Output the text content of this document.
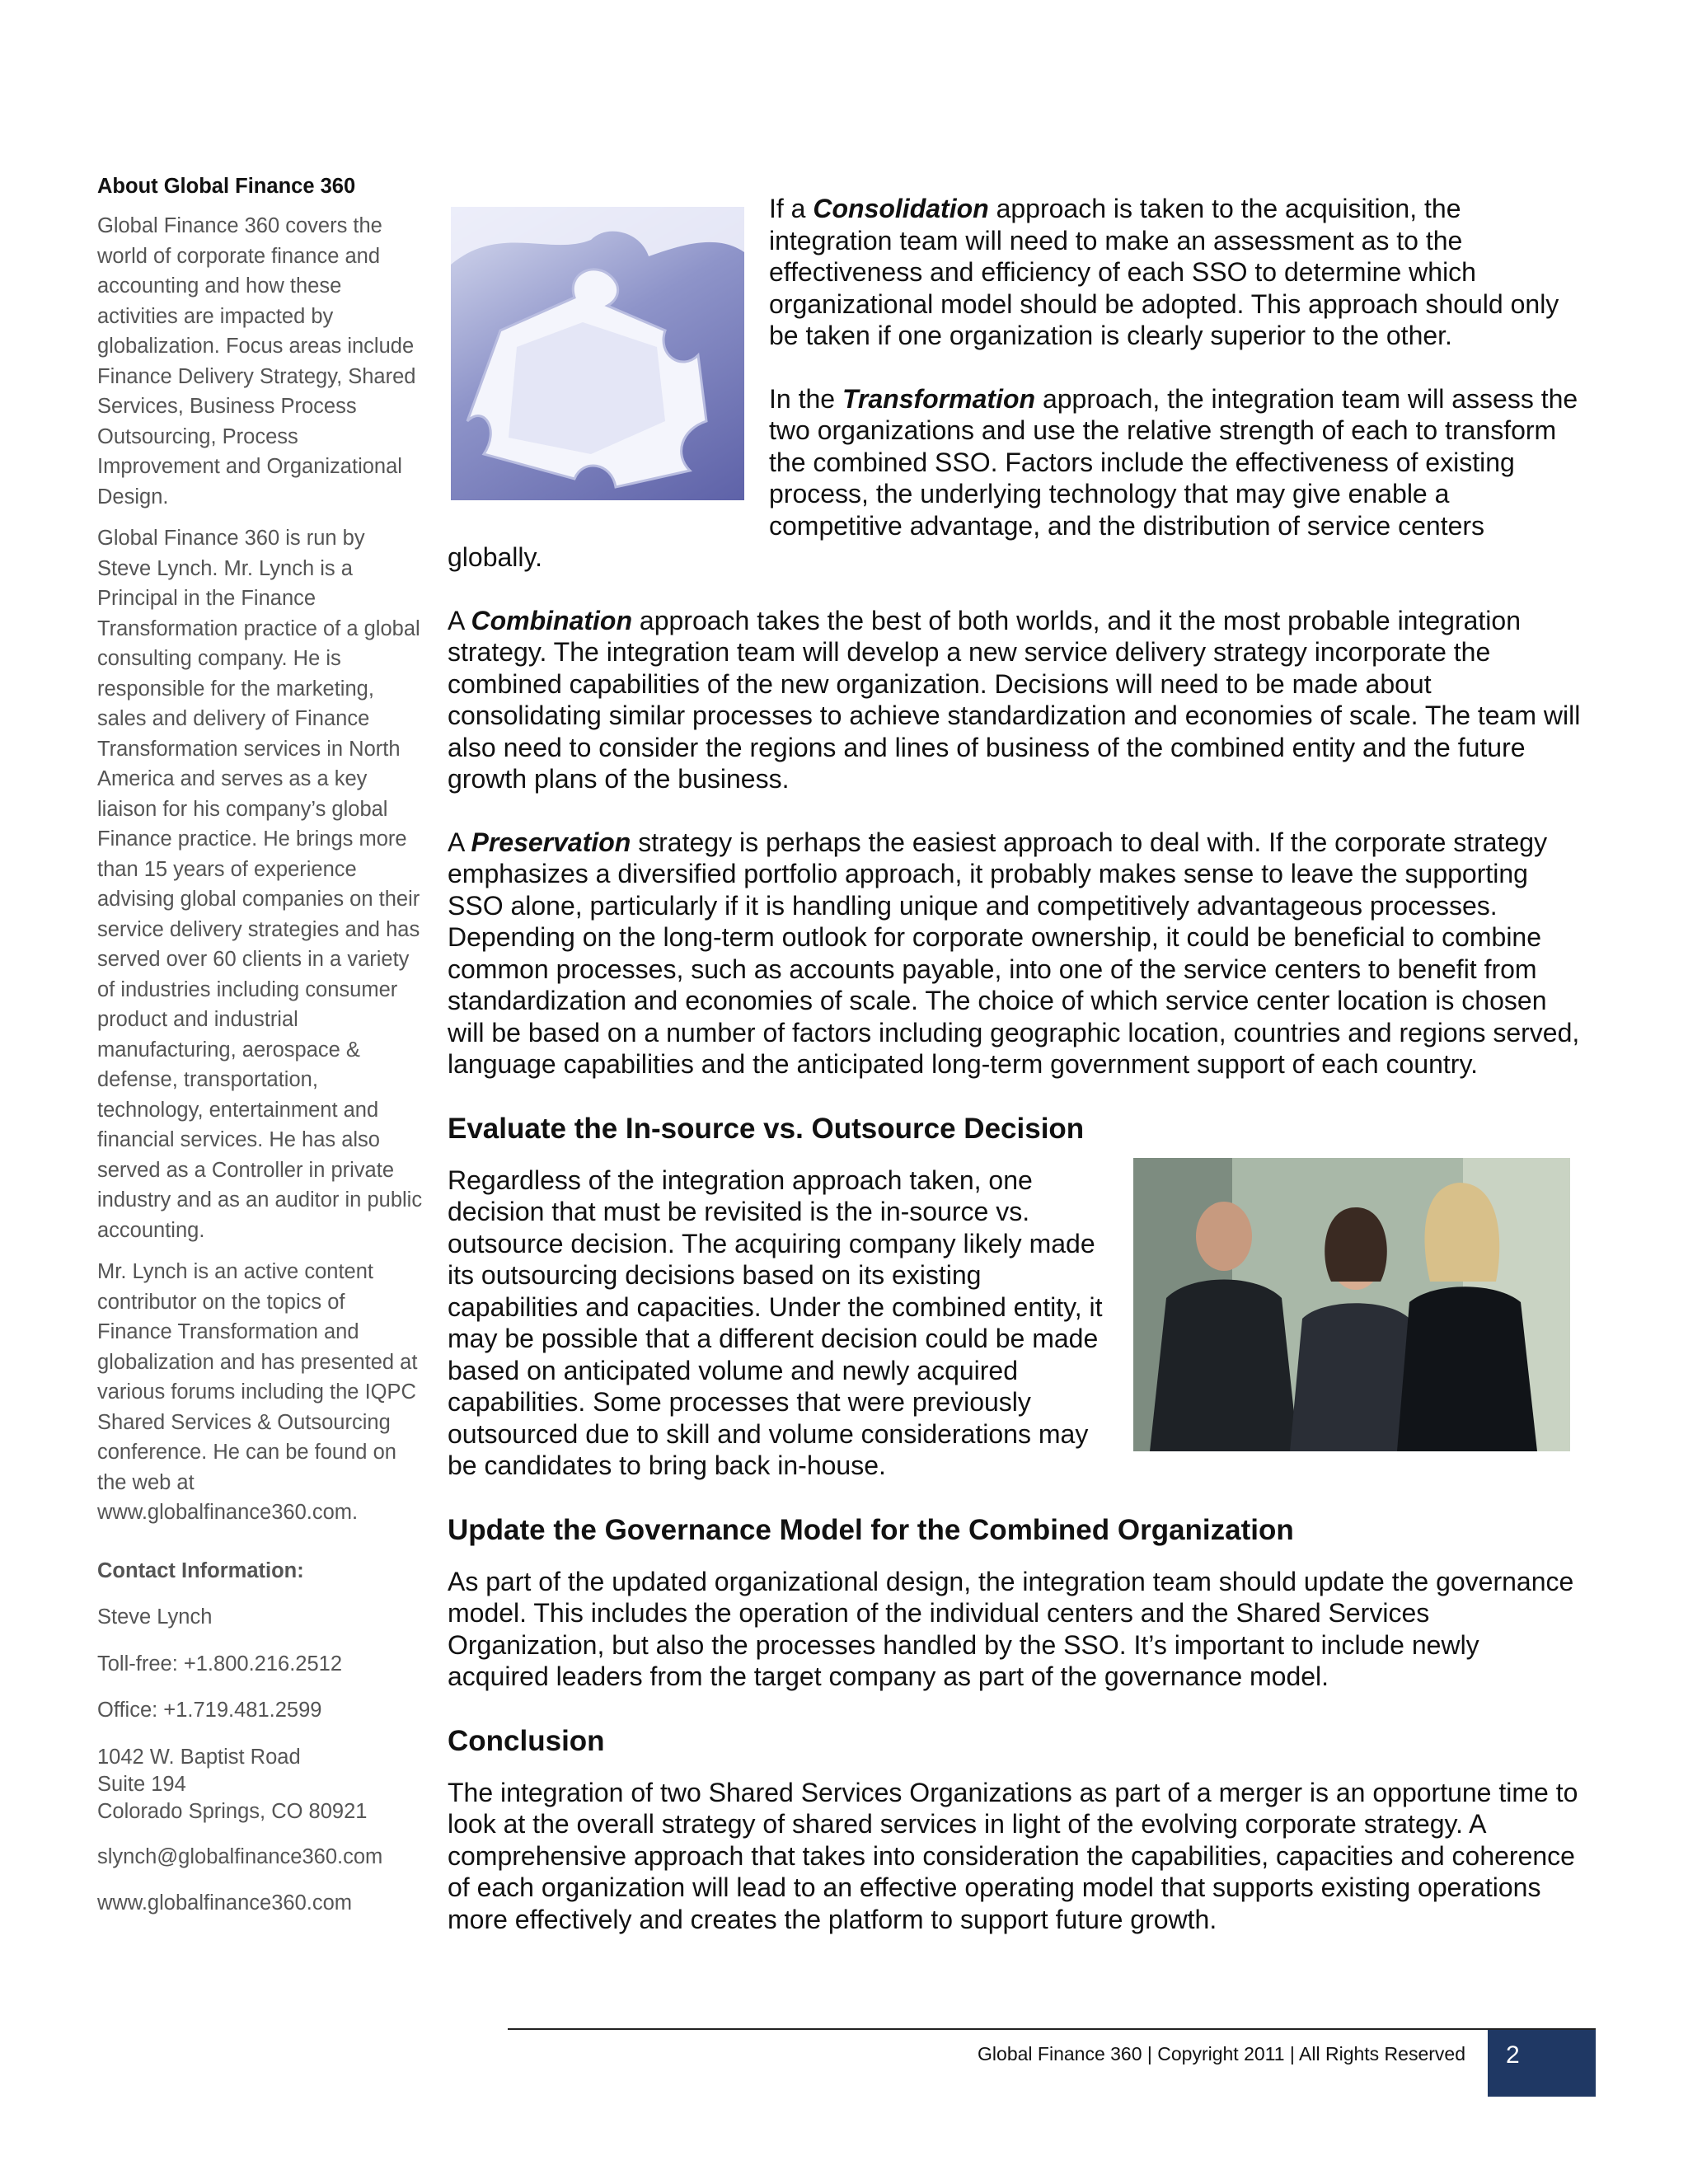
About Global Finance 360

Global Finance 360 covers the world of corporate finance and accounting and how these activities are impacted by globalization. Focus areas include Finance Delivery Strategy, Shared Services, Business Process Outsourcing, Process Improvement and Organizational Design.

Global Finance 360 is run by Steve Lynch. Mr. Lynch is a Principal in the Finance Transformation practice of a global consulting company. He is responsible for the marketing, sales and delivery of Finance Transformation services in North America and serves as a key liaison for his company’s global Finance practice. He brings more than 15 years of experience advising global companies on their service delivery strategies and has served over 60 clients in a variety of industries including consumer product and industrial manufacturing, aerospace & defense, transportation, technology, entertainment and financial services. He has also served as a Controller in private industry and as an auditor in public accounting.

Mr. Lynch is an active content contributor on the topics of Finance Transformation and globalization and has presented at various forums including the IQPC Shared Services & Outsourcing conference. He can be found on the web at www.globalfinance360.com.

Contact Information:
Steve Lynch
Toll-free: +1.800.216.2512
Office: +1.719.481.2599
1042 W. Baptist Road
Suite 194
Colorado Springs, CO 80921
slynch@globalfinance360.com
www.globalfinance360.com

If a Consolidation approach is taken to the acquisition, the integration team will need to make an assessment as to the effectiveness and efficiency of each SSO to determine which organizational model should be adopted. This approach should only be taken if one organization is clearly superior to the other.

In the Transformation approach, the integration team will assess the two organizations and use the relative strength of each to transform the combined SSO. Factors include the effectiveness of existing process, the underlying technology that may give enable a competitive advantage, and the distribution of service centers globally.

A Combination approach takes the best of both worlds, and it the most probable integration strategy. The integration team will develop a new service delivery strategy incorporate the combined capabilities of the new organization. Decisions will need to be made about consolidating similar processes to achieve standardization and economies of scale. The team will also need to consider the regions and lines of business of the combined entity and the future growth plans of the business.

A Preservation strategy is perhaps the easiest approach to deal with. If the corporate strategy emphasizes a diversified portfolio approach, it probably makes sense to leave the supporting SSO alone, particularly if it is handling unique and competitively advantageous processes. Depending on the long-term outlook for corporate ownership, it could be beneficial to combine common processes, such as accounts payable, into one of the service centers to benefit from standardization and economies of scale. The choice of which service center location is chosen will be based on a number of factors including geographic location, countries and regions served, language capabilities and the anticipated long-term government support of each country.

Evaluate the In-source vs. Outsource Decision

Regardless of the integration approach taken, one decision that must be revisited is the in-source vs. outsource decision. The acquiring company likely made its outsourcing decisions based on its existing capabilities and capacities. Under the combined entity, it may be possible that a different decision could be made based on anticipated volume and newly acquired capabilities. Some processes that were previously outsourced due to skill and volume considerations may be candidates to bring back in-house.

Update the Governance Model for the Combined Organization

As part of the updated organizational design, the integration team should update the governance model. This includes the operation of the individual centers and the Shared Services Organization, but also the processes handled by the SSO. It’s important to include newly acquired leaders from the target company as part of the governance model.

Conclusion

The integration of two Shared Services Organizations as part of a merger is an opportune time to look at the overall strategy of shared services in light of the evolving corporate strategy. A comprehensive approach that takes into consideration the capabilities, capacities and coherence of each organization will lead to an effective operating model that supports existing operations more effectively and creates the platform to support future growth.

Global Finance 360 | Copyright 2011 | All Rights Reserved 2
